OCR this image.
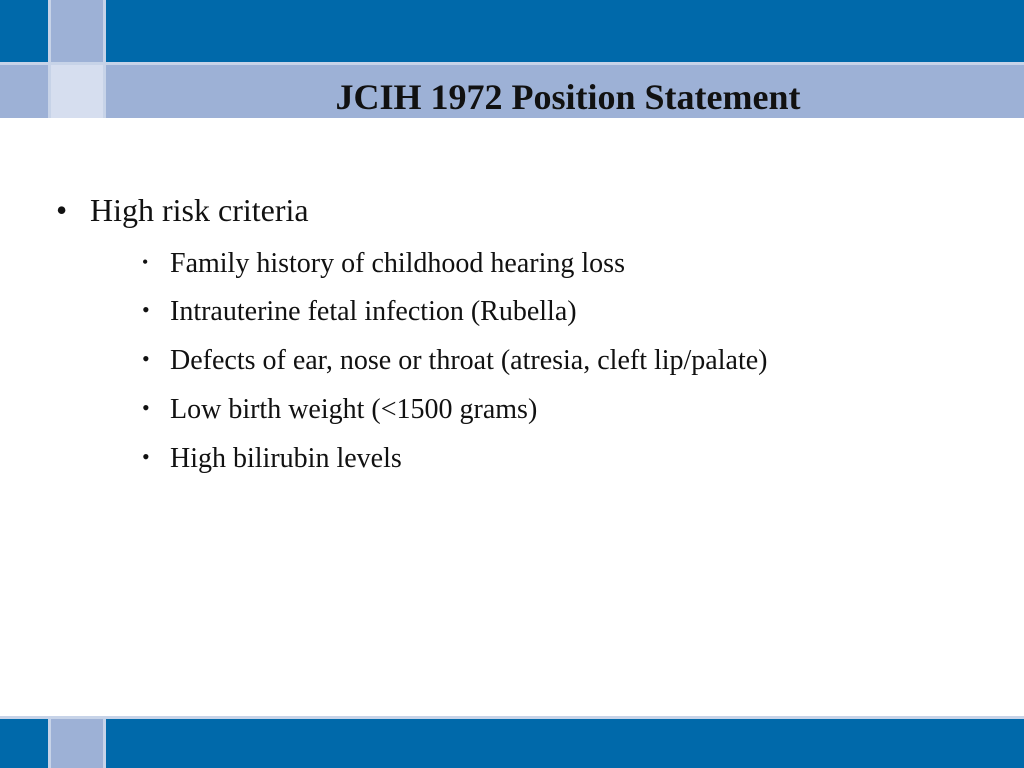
JCIH 1972 Position Statement
• High risk criteria
• Family history of childhood hearing loss
• Intrauterine fetal infection (Rubella)
• Defects of ear, nose or throat (atresia, cleft lip/palate)
• Low birth weight (<1500 grams)
• High bilirubin levels
